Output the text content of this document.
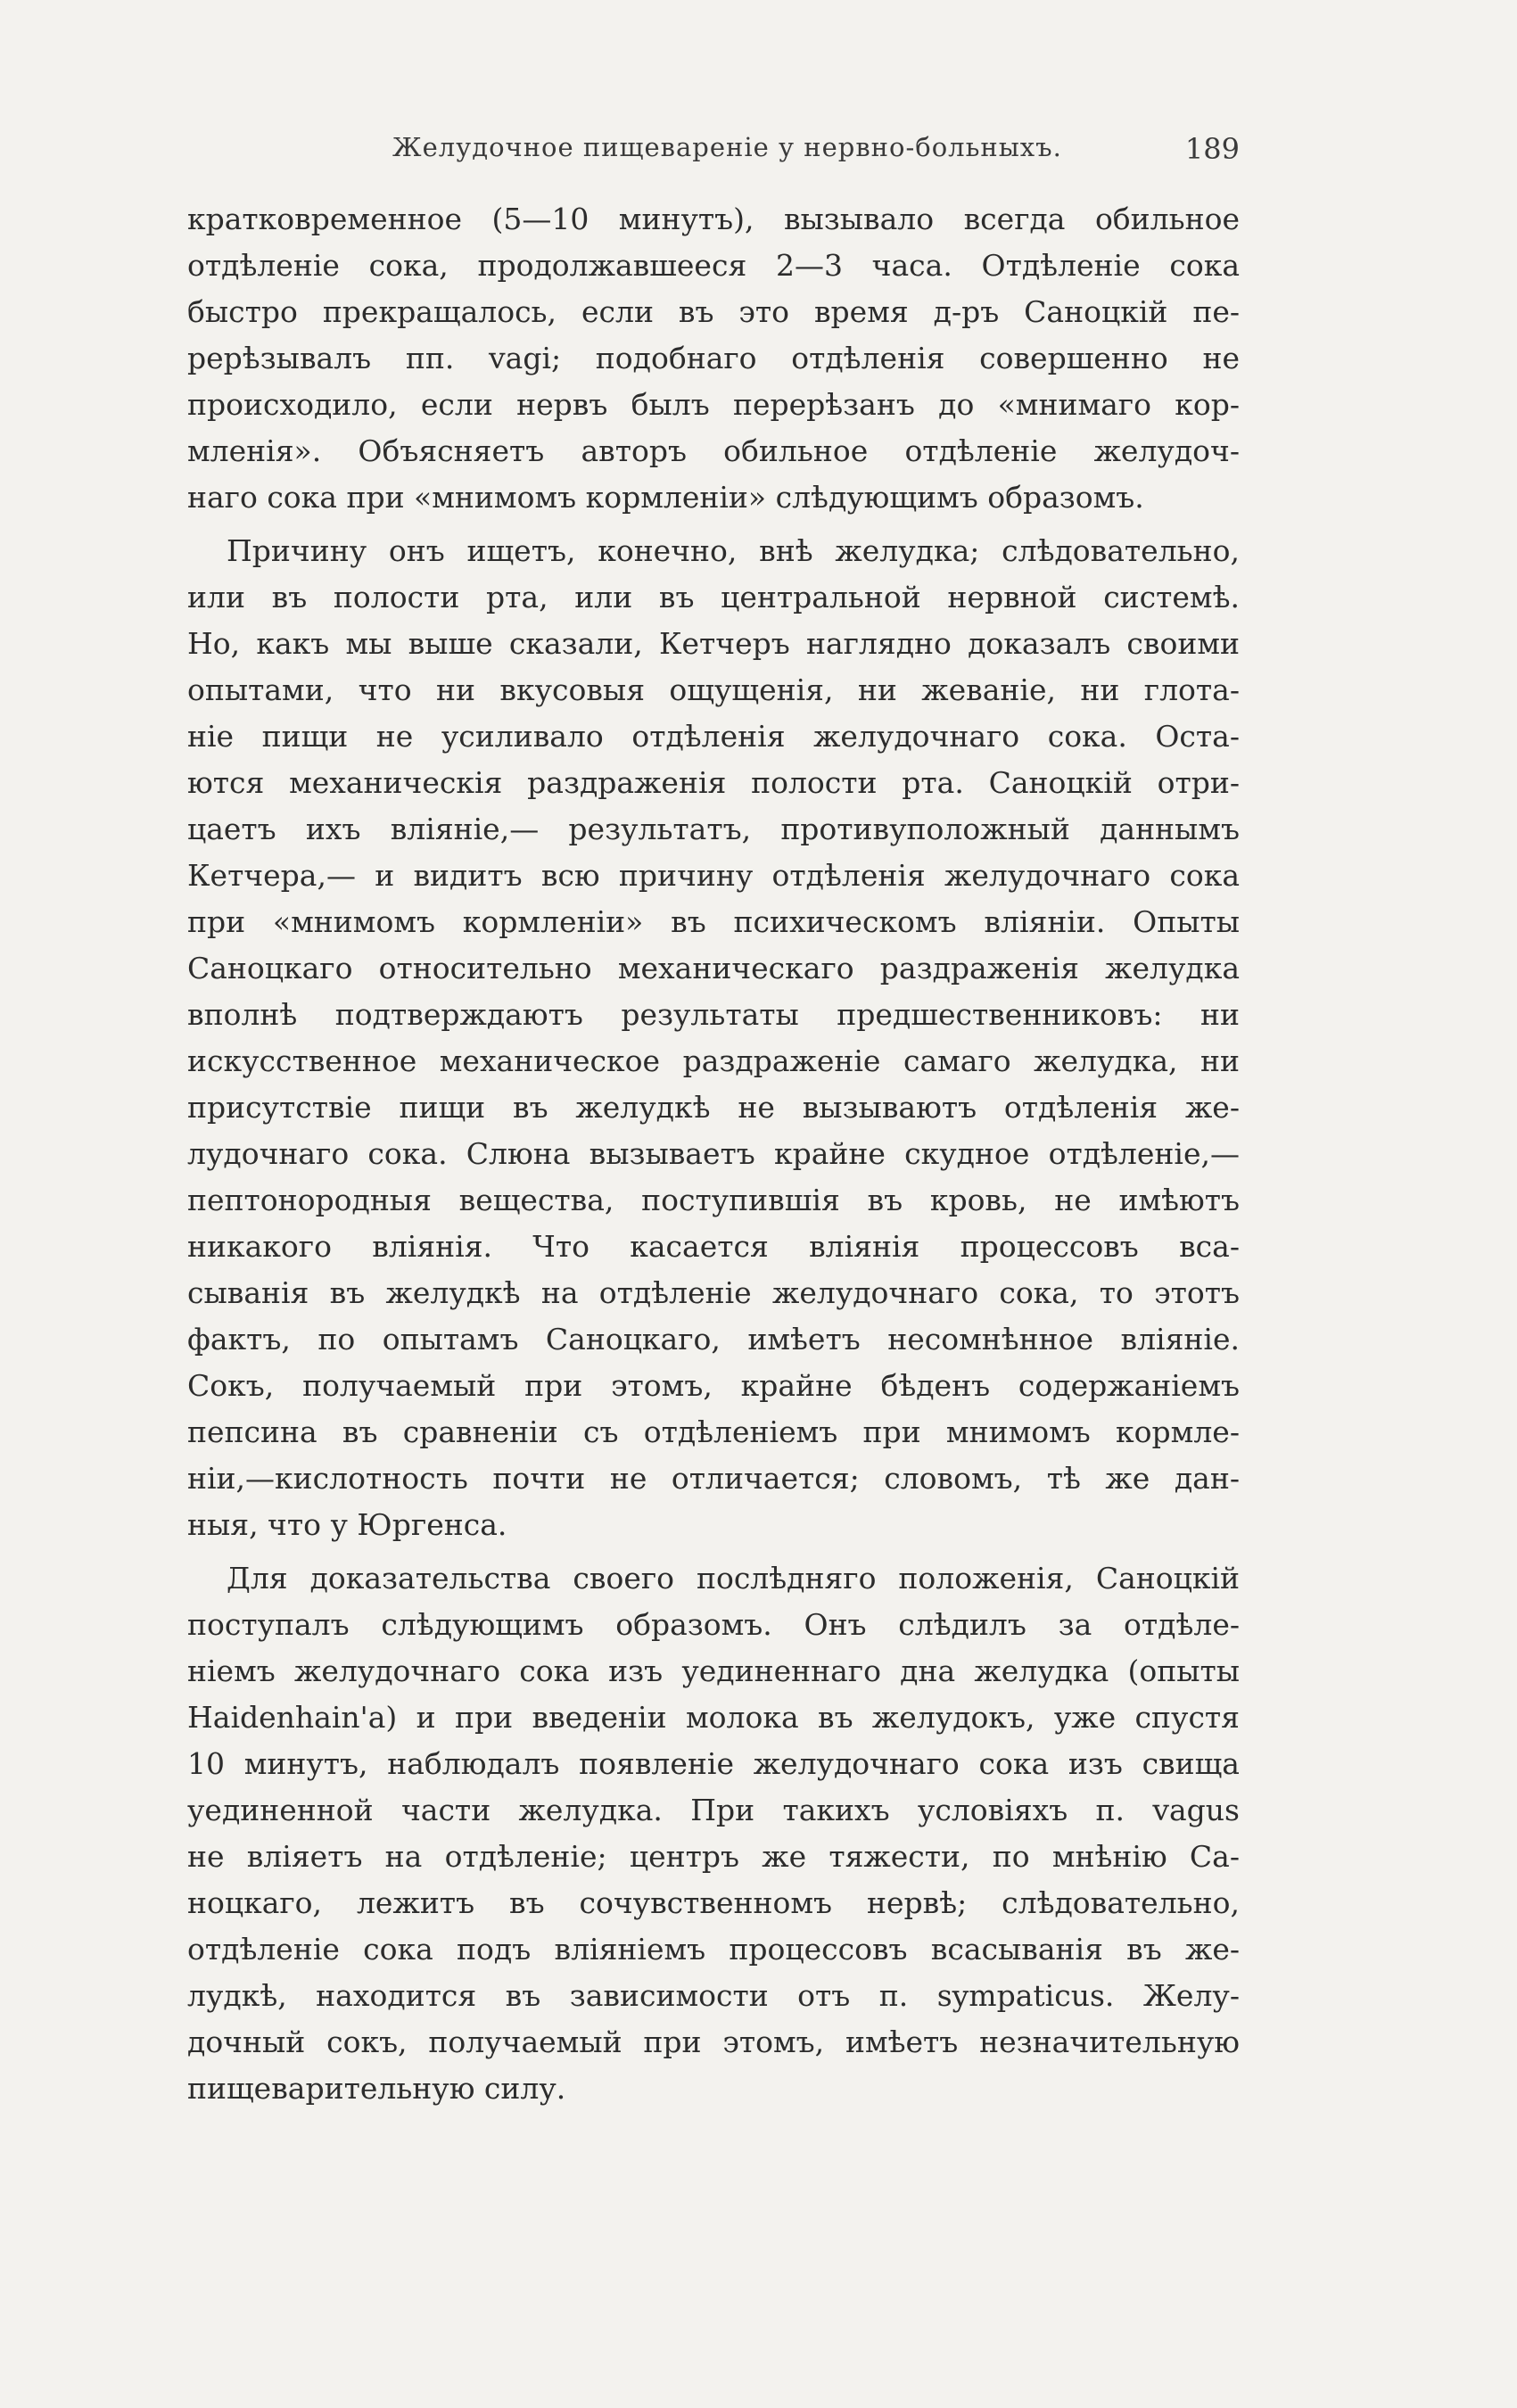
Желудочное пищевареніе у нервно-больныхъ.	189
кратковременное (5—10 минутъ), вызывало всегда обильное
отдѣленіе сока, продолжавшееся 2—3 часа. Отдѣленіе сока
быстро прекращалось, если въ это время д-ръ Саноцкій пе-
рерѣзывалъ пп. vagi; подобнаго отдѣленія совершенно не
происходило, если нервъ былъ перерѣзанъ до «мнимаго кор-
мленія». Объясняетъ авторъ обильное отдѣленіе желудоч-
наго сока при «мнимомъ кормленіи» слѣдующимъ образомъ.
Причину онъ ищетъ, конечно, внѣ желудка; слѣдовательно,
или въ полости рта, или въ центральной нервной системѣ.
Но, какъ мы выше сказали, Кетчеръ наглядно доказалъ своими
опытами, что ни вкусовыя ощущенія, ни жеваніе, ни глота-
ніе пищи не усиливало отдѣленія желудочнаго сока. Оста-
ются механическія раздраженія полости рта. Саноцкій отри-
цаетъ ихъ вліяніе,— результатъ, противуположный даннымъ
Кетчера,— и видитъ всю причину отдѣленія желудочнаго сока
при «мнимомъ кормленіи» въ психическомъ вліяніи. Опыты
Саноцкаго относительно механическаго раздраженія желудка
вполнѣ подтверждаютъ результаты предшественниковъ: ни
искусственное механическое раздраженіе самаго желудка, ни
присутствіе пищи въ желудкѣ не вызываютъ отдѣленія же-
лудочнаго сока. Слюна вызываетъ крайне скудное отдѣленіе,—
пептонородныя вещества, поступившія въ кровь, не имѣютъ
никакого вліянія. Что касается вліянія процессовъ вса-
сыванія въ желудкѣ на отдѣленіе желудочнаго сока, то этотъ
фактъ, по опытамъ Саноцкаго, имѣетъ несомнѣнное вліяніе.
Сокъ, получаемый при этомъ, крайне бѣденъ содержаніемъ
пепсина въ сравненіи съ отдѣленіемъ при мнимомъ кормле-
ніи,—кислотность почти не отличается; словомъ, тѣ же дан-
ныя, что у Юргенса.
Для доказательства своего послѣдняго положенія, Саноцкій
поступалъ слѣдующимъ образомъ. Онъ слѣдилъ за отдѣле-
ніемъ желудочнаго сока изъ уединеннаго дна желудка (опыты
Haidenhain'а) и при введеніи молока въ желудокъ, уже спустя
10 минутъ, наблюдалъ появленіе желудочнаго сока изъ свища
уединенной части желудка. При такихъ условіяхъ п. vagus
не вліяетъ на отдѣленіе; центръ же тяжести, по мнѣнію Са-
ноцкаго, лежитъ въ сочувственномъ нервѣ; слѣдовательно,
отдѣленіе сока подъ вліяніемъ процессовъ всасыванія въ же-
лудкѣ, находится въ зависимости отъ п. sympaticus. Желу-
дочный сокъ, получаемый при этомъ, имѣетъ незначительную
пищеварительную силу.
